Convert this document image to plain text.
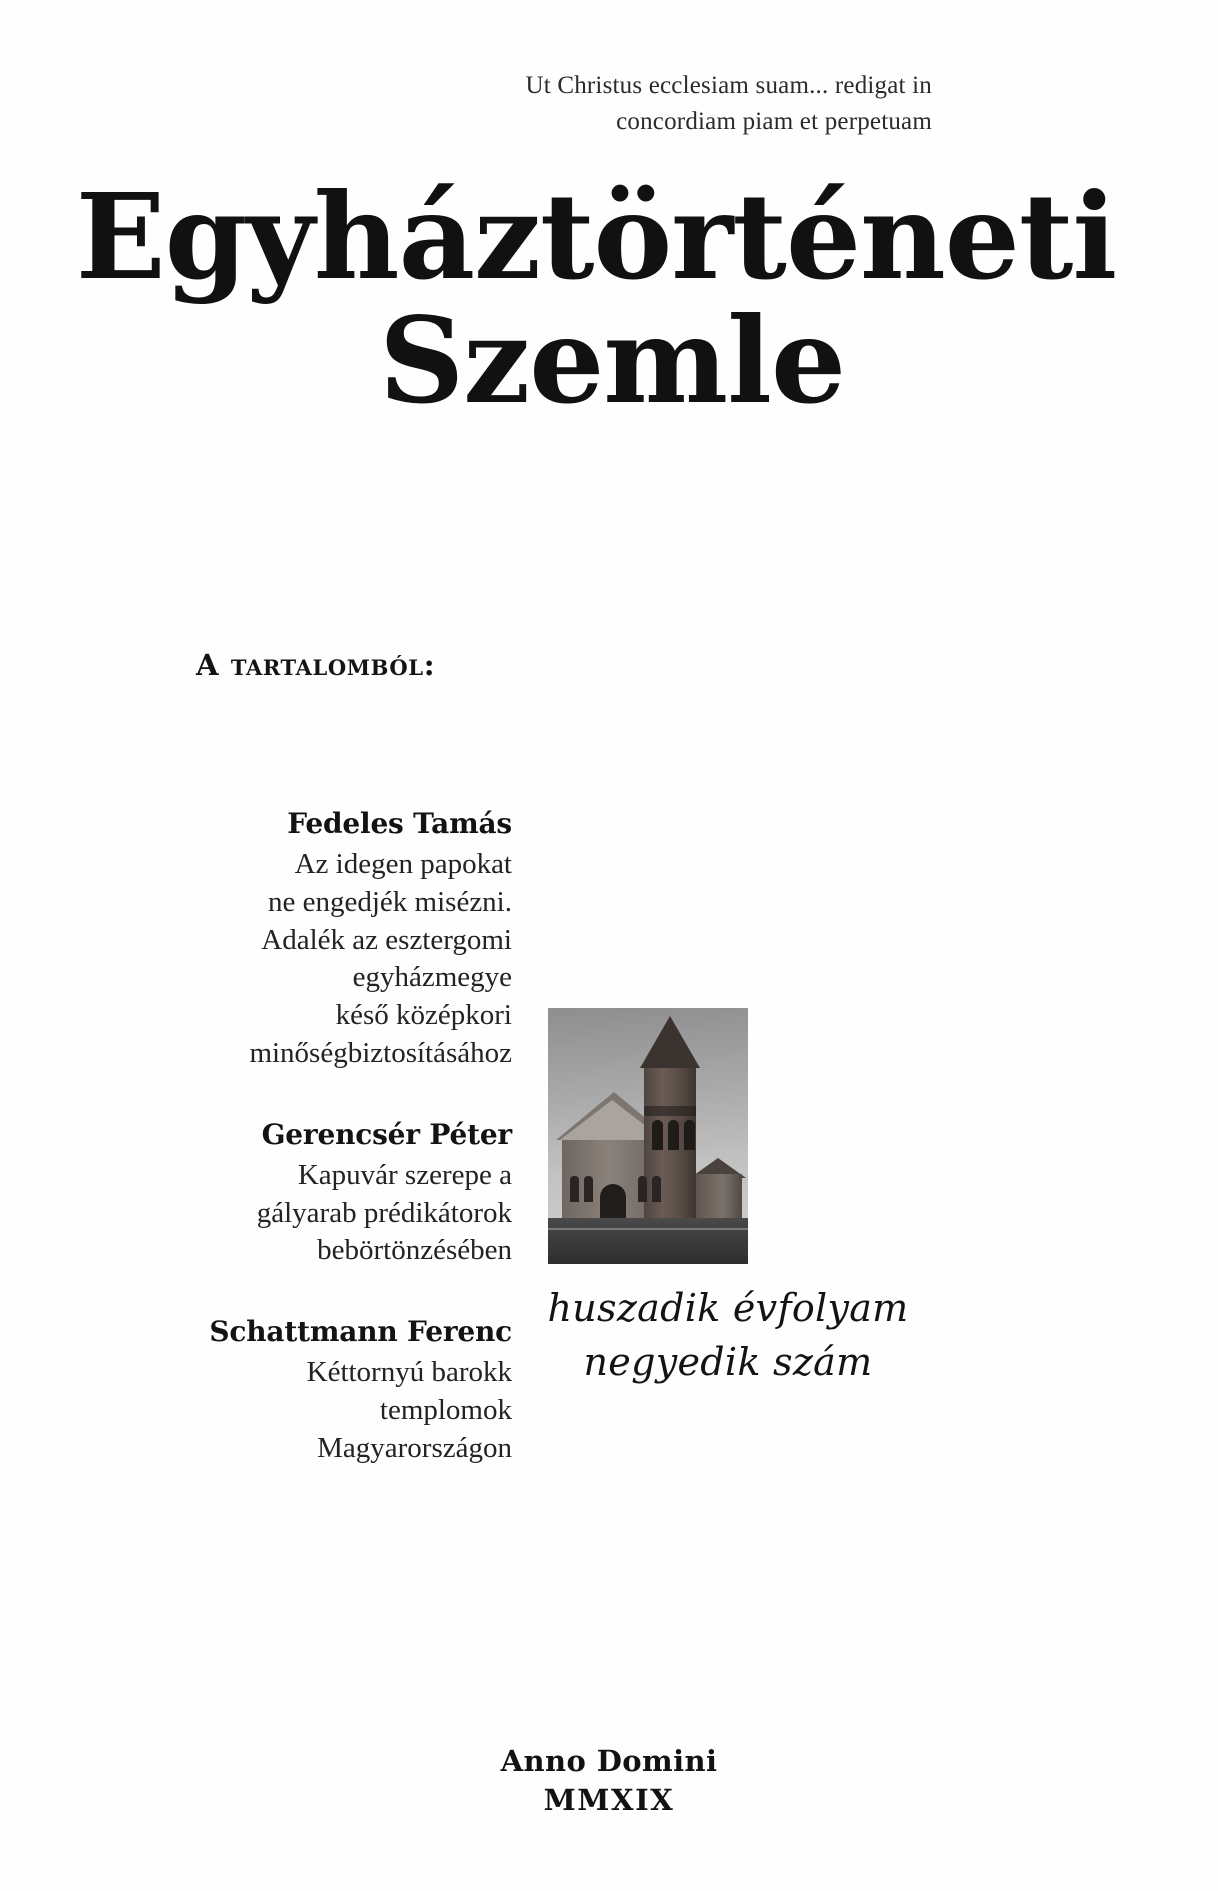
Ut Christus ecclesiam suam... redigat in
concordiam piam et perpetuam
Egyháztörténeti
Szemle
A tartalomból:
Fedeles Tamás
Az idegen papokat
ne engedjék misézni.
Adalék az esztergomi
egyházmegye
késő középkori
minőségbiztosításához
Gerencsér Péter
Kapuvár szerepe a
gályarab prédikátorok
bebörtönzésében
Schattmann Ferenc
Kéttornyú barokk
templomok
Magyarországon
huszadik évfolyam
negyedik szám
Anno Domini
MMXIX
